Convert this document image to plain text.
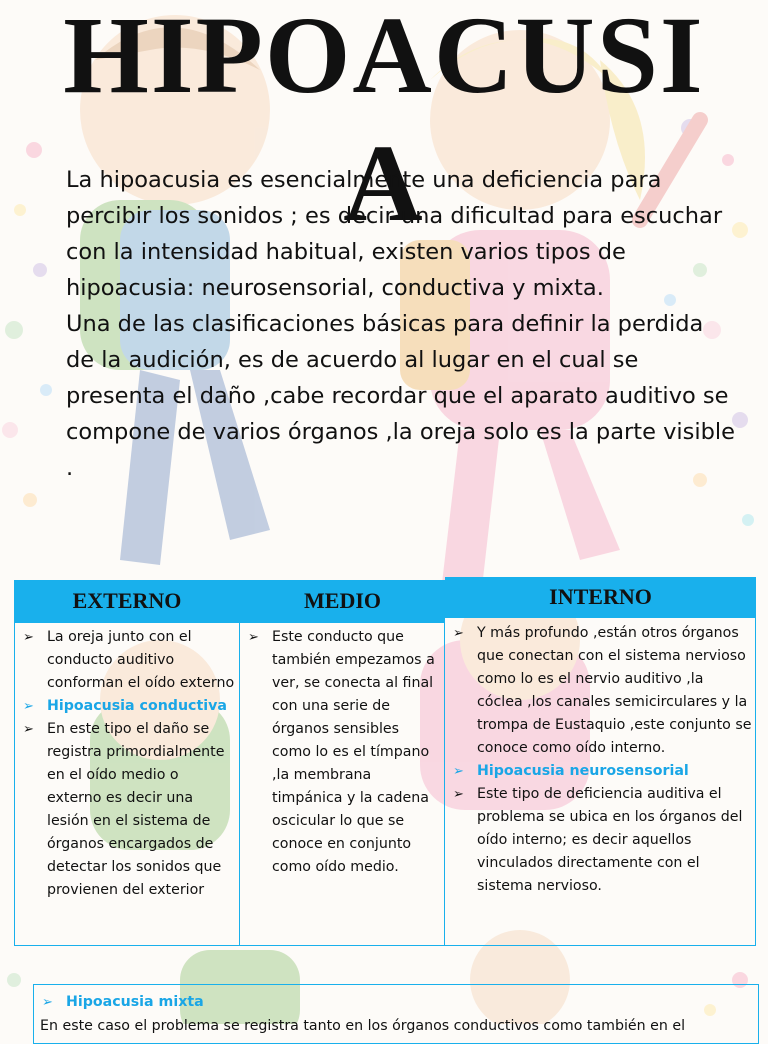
HIPOACUSI
A

La hipoacusia es esencialmente una deficiencia para percibir los sonidos ; es decir una dificultad para escuchar con la intensidad habitual, existen varios tipos de hipoacusia: neurosensorial, conductiva y mixta.

Una de las clasificaciones básicas para definir la perdida de la audición, es de acuerdo al lugar en el cual se presenta el daño ,cabe recordar que el aparato auditivo se compone de varios órganos ,la oreja solo es la parte visible .

EXTERNO
➢ La oreja junto con el conducto auditivo conforman el oído externo
➢ Hipoacusia conductiva
➢ En este tipo el daño se registra primordialmente en el oído medio o externo es decir una lesión en el sistema de órganos encargados de detectar los sonidos que provienen del exterior
MEDIO
➢ Este conducto que también empezamos a ver, se conecta al final con una serie de órganos sensibles como lo es el tímpano ,la membrana timpánica y la cadena oscicular lo que se conoce en conjunto como oído medio.
INTERNO
➢ Y más profundo ,están otros órganos que conectan con el sistema nervioso como lo es el nervio auditivo ,la cóclea ,los canales semicirculares y la trompa de Eustaquio ,este conjunto se conoce como oído interno.
➢ Hipoacusia neurosensorial
➢ Este tipo de deficiencia auditiva el problema se ubica en los órganos del oído interno; es decir aquellos vinculados directamente con el sistema nervioso.
➢ Hipoacusia mixta
En este caso el problema se registra tanto en los órganos conductivos como también en el
